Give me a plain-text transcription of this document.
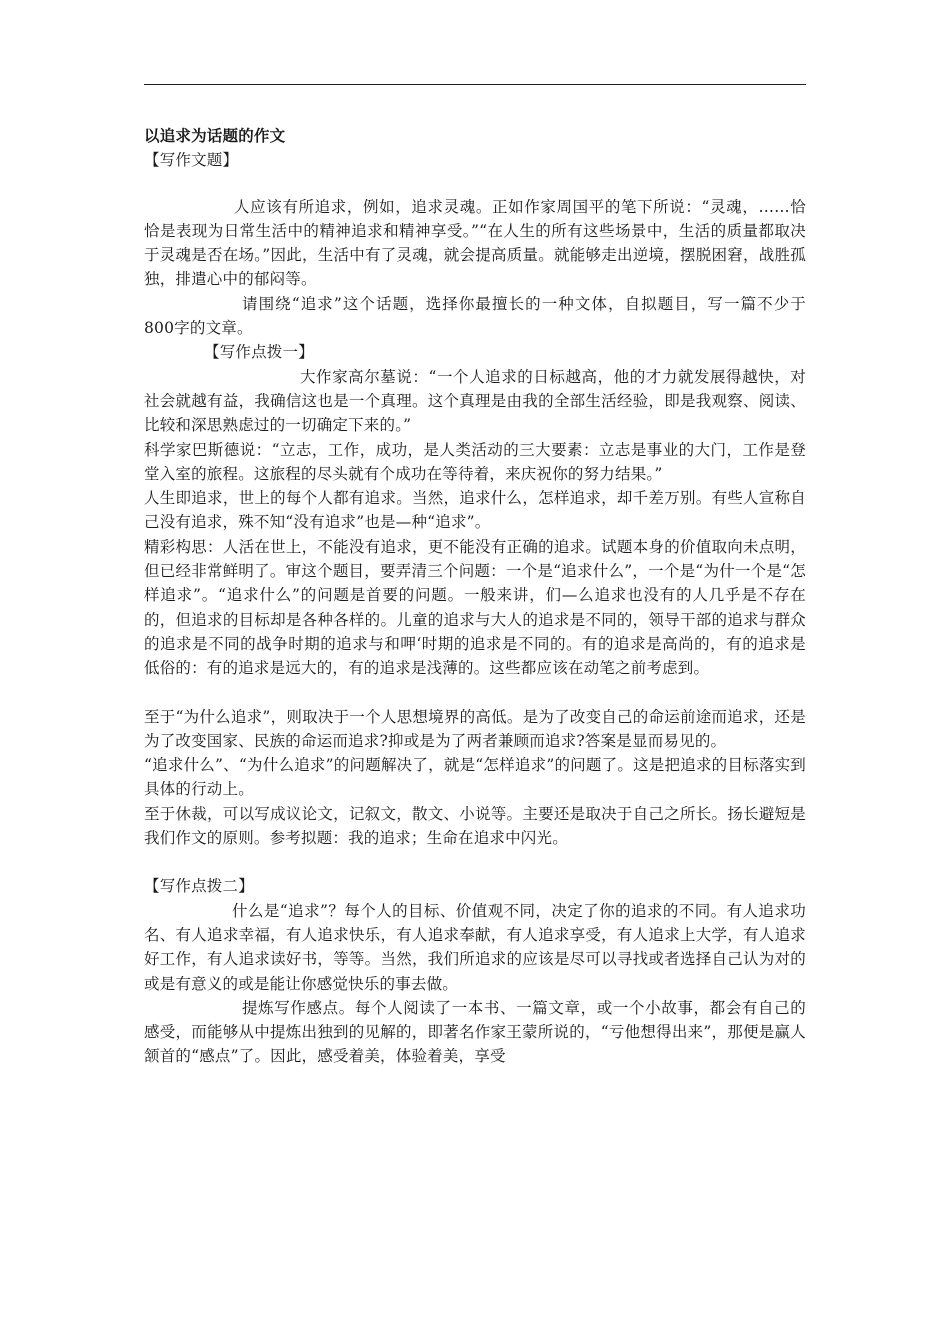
以追求为话题的作文

【写作文题】

人应该有所追求，例如，追求灵魂。正如作家周国平的笔下所说：“灵魂，……恰恰是表现为日常生活中的精神追求和精神享受。”“在人生的所有这些场景中，生活的质量都取决于灵魂是否在场。”因此，生活中有了灵魂，就会提高质量。就能够走出逆境，摆脱困窘，战胜孤独，排遣心中的郁闷等。

请围绕“追求”这个话题，选择你最擅长的一种文体，自拟题目，写一篇不少于800字的文章。

【写作点拨一】

大作家高尔墓说：“一个人追求的日标越高，他的才力就发展得越快，对社会就越有益，我确信这也是一个真理。这个真理是由我的全部生活经验，即是我观察、阅读、比较和深思熟虑过的一切确定下来的。”

科学家巴斯德说：“立志，工作，成功，是人类活动的三大要素：立志是事业的大门，工作是登堂入室的旅程。这旅程的尽头就有个成功在等待着，来庆祝你的努力结果。”

人生即追求，世上的每个人都有追求。当然，追求什么，怎样追求，却千差万别。有些人宣称自己没有追求，殊不知“没有追求”也是—种“追求”。

精彩构思：人活在世上，不能没有追求，更不能没有正确的追求。试题本身的价值取向未点明，但已经非常鲜明了。审这个题目，要弄清三个问题：一个是“追求什么”，一个是“为什一个是“怎样追求”。“追求什么”的问题是首要的问题。一般来讲，们—么追求也没有的人几乎是不存在的，但追求的目标却是各种各样的。儿童的追求与大人的追求是不同的，领导干部的追求与群众的追求是不同的战争时期的追求与和呷‘时期的追求是不同的。有的追求是高尚的，有的追求是低俗的：有的追求是远大的，有的追求是浅薄的。这些都应该在动笔之前考虑到。

至于“为什么追求”，则取决于一个人思想境界的高低。是为了改变自己的命运前途而追求，还是为了改变国家、民族的命运而追求?抑或是为了两者兼顾而追求?答案是显而易见的。

“追求什么”、“为什么追求”的问题解决了，就是“怎样追求”的问题了。这是把追求的目标落实到具体的行动上。

至于休裁，可以写成议论文，记叙文，散文、小说等。主要还是取决于自己之所长。扬长避短是我们作文的原则。参考拟题：我的追求；生命在追求中闪光。

【写作点拨二】

什么是“追求”？每个人的目标、价值观不同，决定了你的追求的不同。有人追求功名、有人追求幸福，有人追求快乐，有人追求奉献，有人追求享受，有人追求上大学，有人追求好工作，有人追求读好书，等等。当然，我们所追求的应该是尽可以寻找或者选择自己认为对的或是有意义的或是能让你感觉快乐的事去做。

提炼写作感点。每个人阅读了一本书、一篇文章，或一个小故事，都会有自己的感受，而能够从中提炼出独到的见解的，即著名作家王蒙所说的，“亏他想得出来”，那便是赢人颔首的“感点”了。因此，感受着美，体验着美，享受
